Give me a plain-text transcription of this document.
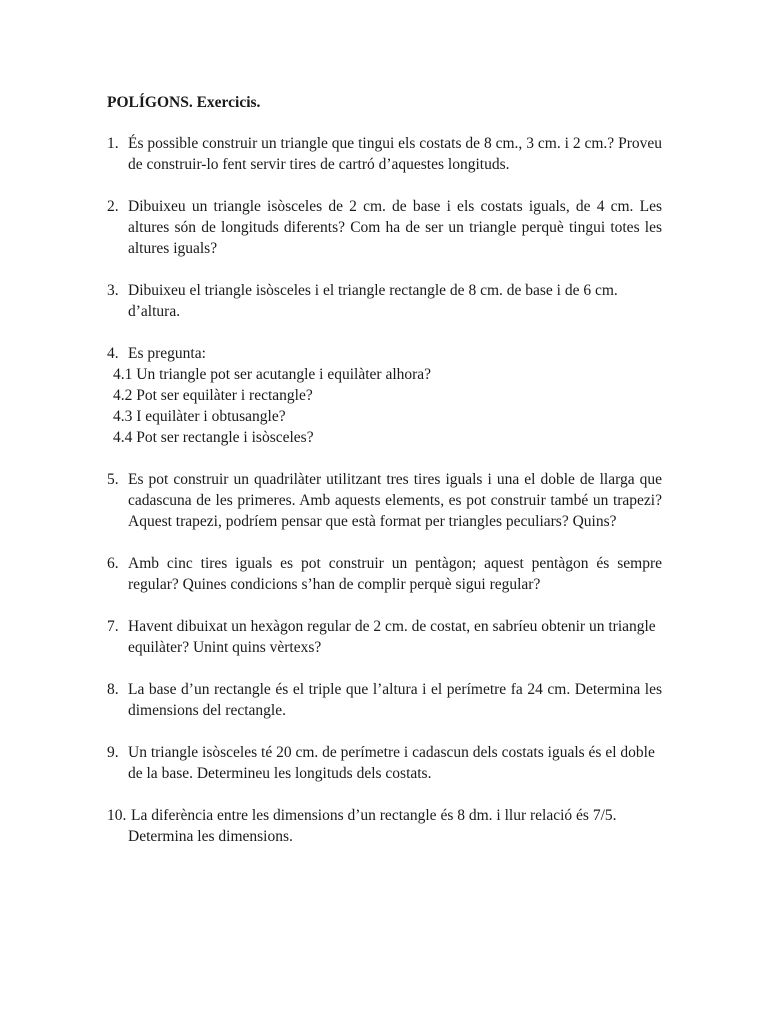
POLÍGONS. Exercicis.
1. És possible construir un triangle que tingui els costats de 8 cm., 3 cm. i 2 cm.? Proveu de construir-lo fent servir tires de cartró d’aquestes longituds.
2. Dibuixeu un triangle isòsceles de 2 cm. de base i els costats iguals, de 4 cm. Les altures són de longituds diferents? Com ha de ser un triangle perquè tingui totes les altures iguals?
3. Dibuixeu el triangle isòsceles i el triangle rectangle de 8 cm. de base i de 6 cm. d’altura.
4. Es pregunta:
4.1 Un triangle pot ser acutangle i equilàter alhora?
4.2 Pot ser equilàter i rectangle?
4.3 I equilàter i obtusangle?
4.4 Pot ser rectangle i isòsceles?
5. Es pot construir un quadrilàter utilitzant tres tires iguals i una el doble de llarga que cadascuna de les primeres. Amb aquests elements, es pot construir també un trapezi? Aquest trapezi, podríem pensar que està format per triangles peculiars? Quins?
6. Amb cinc tires iguals es pot construir un pentàgon; aquest pentàgon és sempre regular? Quines condicions s’han de complir perquè sigui regular?
7. Havent dibuixat un hexàgon regular de 2 cm. de costat, en sabríeu obtenir un triangle equilàter? Unint quins vèrtexs?
8. La base d’un rectangle és el triple que l’altura i el perímetre fa 24 cm. Determina les dimensions del rectangle.
9. Un triangle isòsceles té 20 cm. de perímetre i cadascun dels costats iguals és el doble de la base. Determineu les longituds dels costats.
10. La diferència entre les dimensions d’un rectangle és 8 dm. i llur relació és 7/5. Determina les dimensions.
